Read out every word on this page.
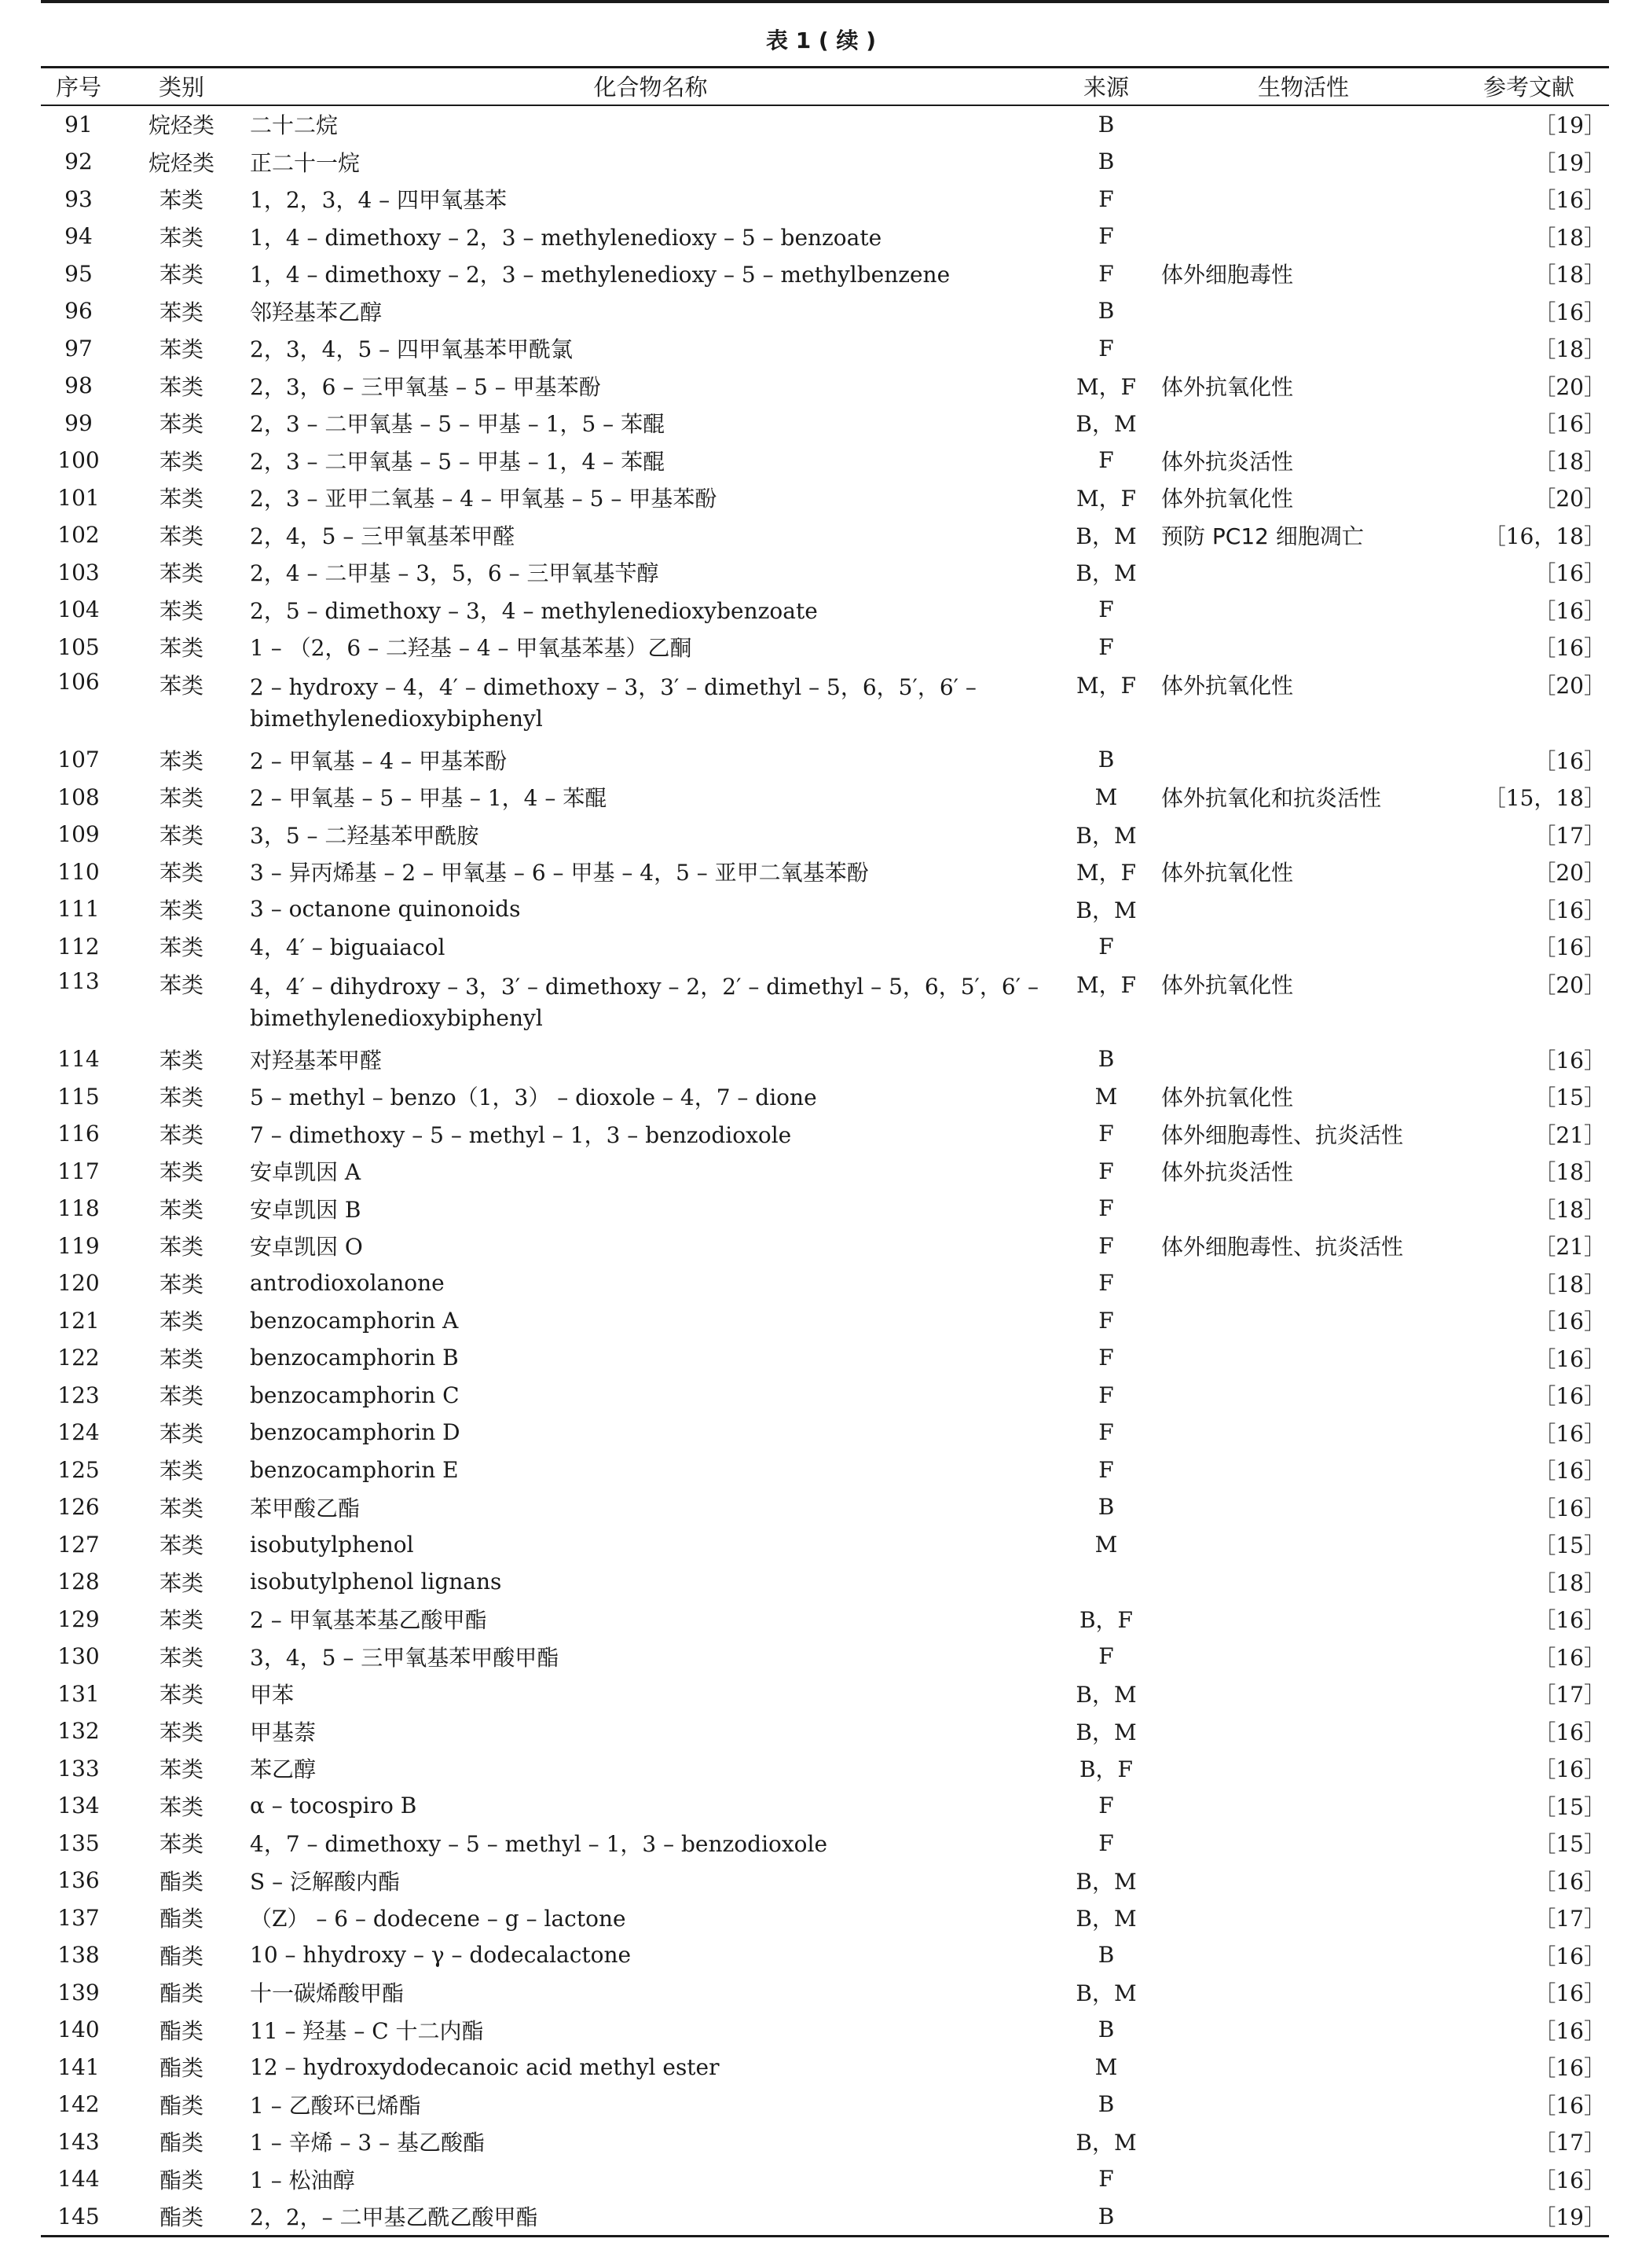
表 1 ( 续 )
序号	类别	化合物名称	来源	生物活性	参考文献
91	烷烃类	二十二烷	B		［19］
92	烷烃类	正二十一烷	B		［19］
93	苯类	1，2，3，4 – 四甲氧基苯	F		［16］
94	苯类	1，4 – dimethoxy – 2，3 – methylenedioxy – 5 – benzoate	F		［18］
95	苯类	1，4 – dimethoxy – 2，3 – methylenedioxy – 5 – methylbenzene	F	体外细胞毒性	［18］
96	苯类	邻羟基苯乙醇	B		［16］
97	苯类	2，3，4，5 – 四甲氧基苯甲酰氯	F		［18］
98	苯类	2，3，6 – 三甲氧基 – 5 – 甲基苯酚	M，F	体外抗氧化性	［20］
99	苯类	2，3 – 二甲氧基 – 5 – 甲基 – 1，5 – 苯醌	B，M		［16］
100	苯类	2，3 – 二甲氧基 – 5 – 甲基 – 1，4 – 苯醌	F	体外抗炎活性	［18］
101	苯类	2，3 – 亚甲二氧基 – 4 – 甲氧基 – 5 – 甲基苯酚	M，F	体外抗氧化性	［20］
102	苯类	2，4，5 – 三甲氧基苯甲醛	B，M	预防 PC12 细胞凋亡	［16，18］
103	苯类	2，4 – 二甲基 – 3，5，6 – 三甲氧基苄醇	B，M		［16］
104	苯类	2，5 – dimethoxy – 3，4 – methylenedioxybenzoate	F		［16］
105	苯类	1 – （2，6 – 二羟基 – 4 – 甲氧基苯基）乙酮	F		［16］
106	苯类	2 – hydroxy – 4，4′ – dimethoxy – 3，3′ – dimethyl – 5，6，5′，6′ – bimethylenedioxybiphenyl	M，F	体外抗氧化性	［20］
107	苯类	2 – 甲氧基 – 4 – 甲基苯酚	B		［16］
108	苯类	2 – 甲氧基 – 5 – 甲基 – 1，4 – 苯醌	M	体外抗氧化和抗炎活性	［15，18］
109	苯类	3，5 – 二羟基苯甲酰胺	B，M		［17］
110	苯类	3 – 异丙烯基 – 2 – 甲氧基 – 6 – 甲基 – 4，5 – 亚甲二氧基苯酚	M，F	体外抗氧化性	［20］
111	苯类	3 – octanone quinonoids	B，M		［16］
112	苯类	4，4′ – biguaiacol	F		［16］
113	苯类	4，4′ – dihydroxy – 3，3′ – dimethoxy – 2，2′ – dimethyl – 5，6，5′，6′ – bimethylenedioxybiphenyl	M，F	体外抗氧化性	［20］
114	苯类	对羟基苯甲醛	B		［16］
115	苯类	5 – methyl – benzo（1，3） – dioxole – 4，7 – dione	M	体外抗氧化性	［15］
116	苯类	7 – dimethoxy – 5 – methyl – 1，3 – benzodioxole	F	体外细胞毒性、抗炎活性	［21］
117	苯类	安卓凯因 A	F	体外抗炎活性	［18］
118	苯类	安卓凯因 B	F		［18］
119	苯类	安卓凯因 O	F	体外细胞毒性、抗炎活性	［21］
120	苯类	antrodioxolanone	F		［18］
121	苯类	benzocamphorin A	F		［16］
122	苯类	benzocamphorin B	F		［16］
123	苯类	benzocamphorin C	F		［16］
124	苯类	benzocamphorin D	F		［16］
125	苯类	benzocamphorin E	F		［16］
126	苯类	苯甲酸乙酯	B		［16］
127	苯类	isobutylphenol	M		［15］
128	苯类	isobutylphenol lignans			［18］
129	苯类	2 – 甲氧基苯基乙酸甲酯	B，F		［16］
130	苯类	3，4，5 – 三甲氧基苯甲酸甲酯	F		［16］
131	苯类	甲苯	B，M		［17］
132	苯类	甲基萘	B，M		［16］
133	苯类	苯乙醇	B，F		［16］
134	苯类	α – tocospiro B	F		［15］
135	苯类	4，7 – dimethoxy – 5 – methyl – 1，3 – benzodioxole	F		［15］
136	酯类	S – 泛解酸内酯	B，M		［16］
137	酯类	（Z） – 6 – dodecene – g – lactone	B，M		［17］
138	酯类	10 – hhydroxy – γ – dodecalactone	B		［16］
139	酯类	十一碳烯酸甲酯	B，M		［16］
140	酯类	11 – 羟基 – C 十二内酯	B		［16］
141	酯类	12 – hydroxydodecanoic acid methyl ester	M		［16］
142	酯类	1 – 乙酸环已烯酯	B		［16］
143	酯类	1 – 辛烯 – 3 – 基乙酸酯	B，M		［17］
144	酯类	1 – 松油醇	F		［16］
145	酯类	2，2，– 二甲基乙酰乙酸甲酯	B		［19］
